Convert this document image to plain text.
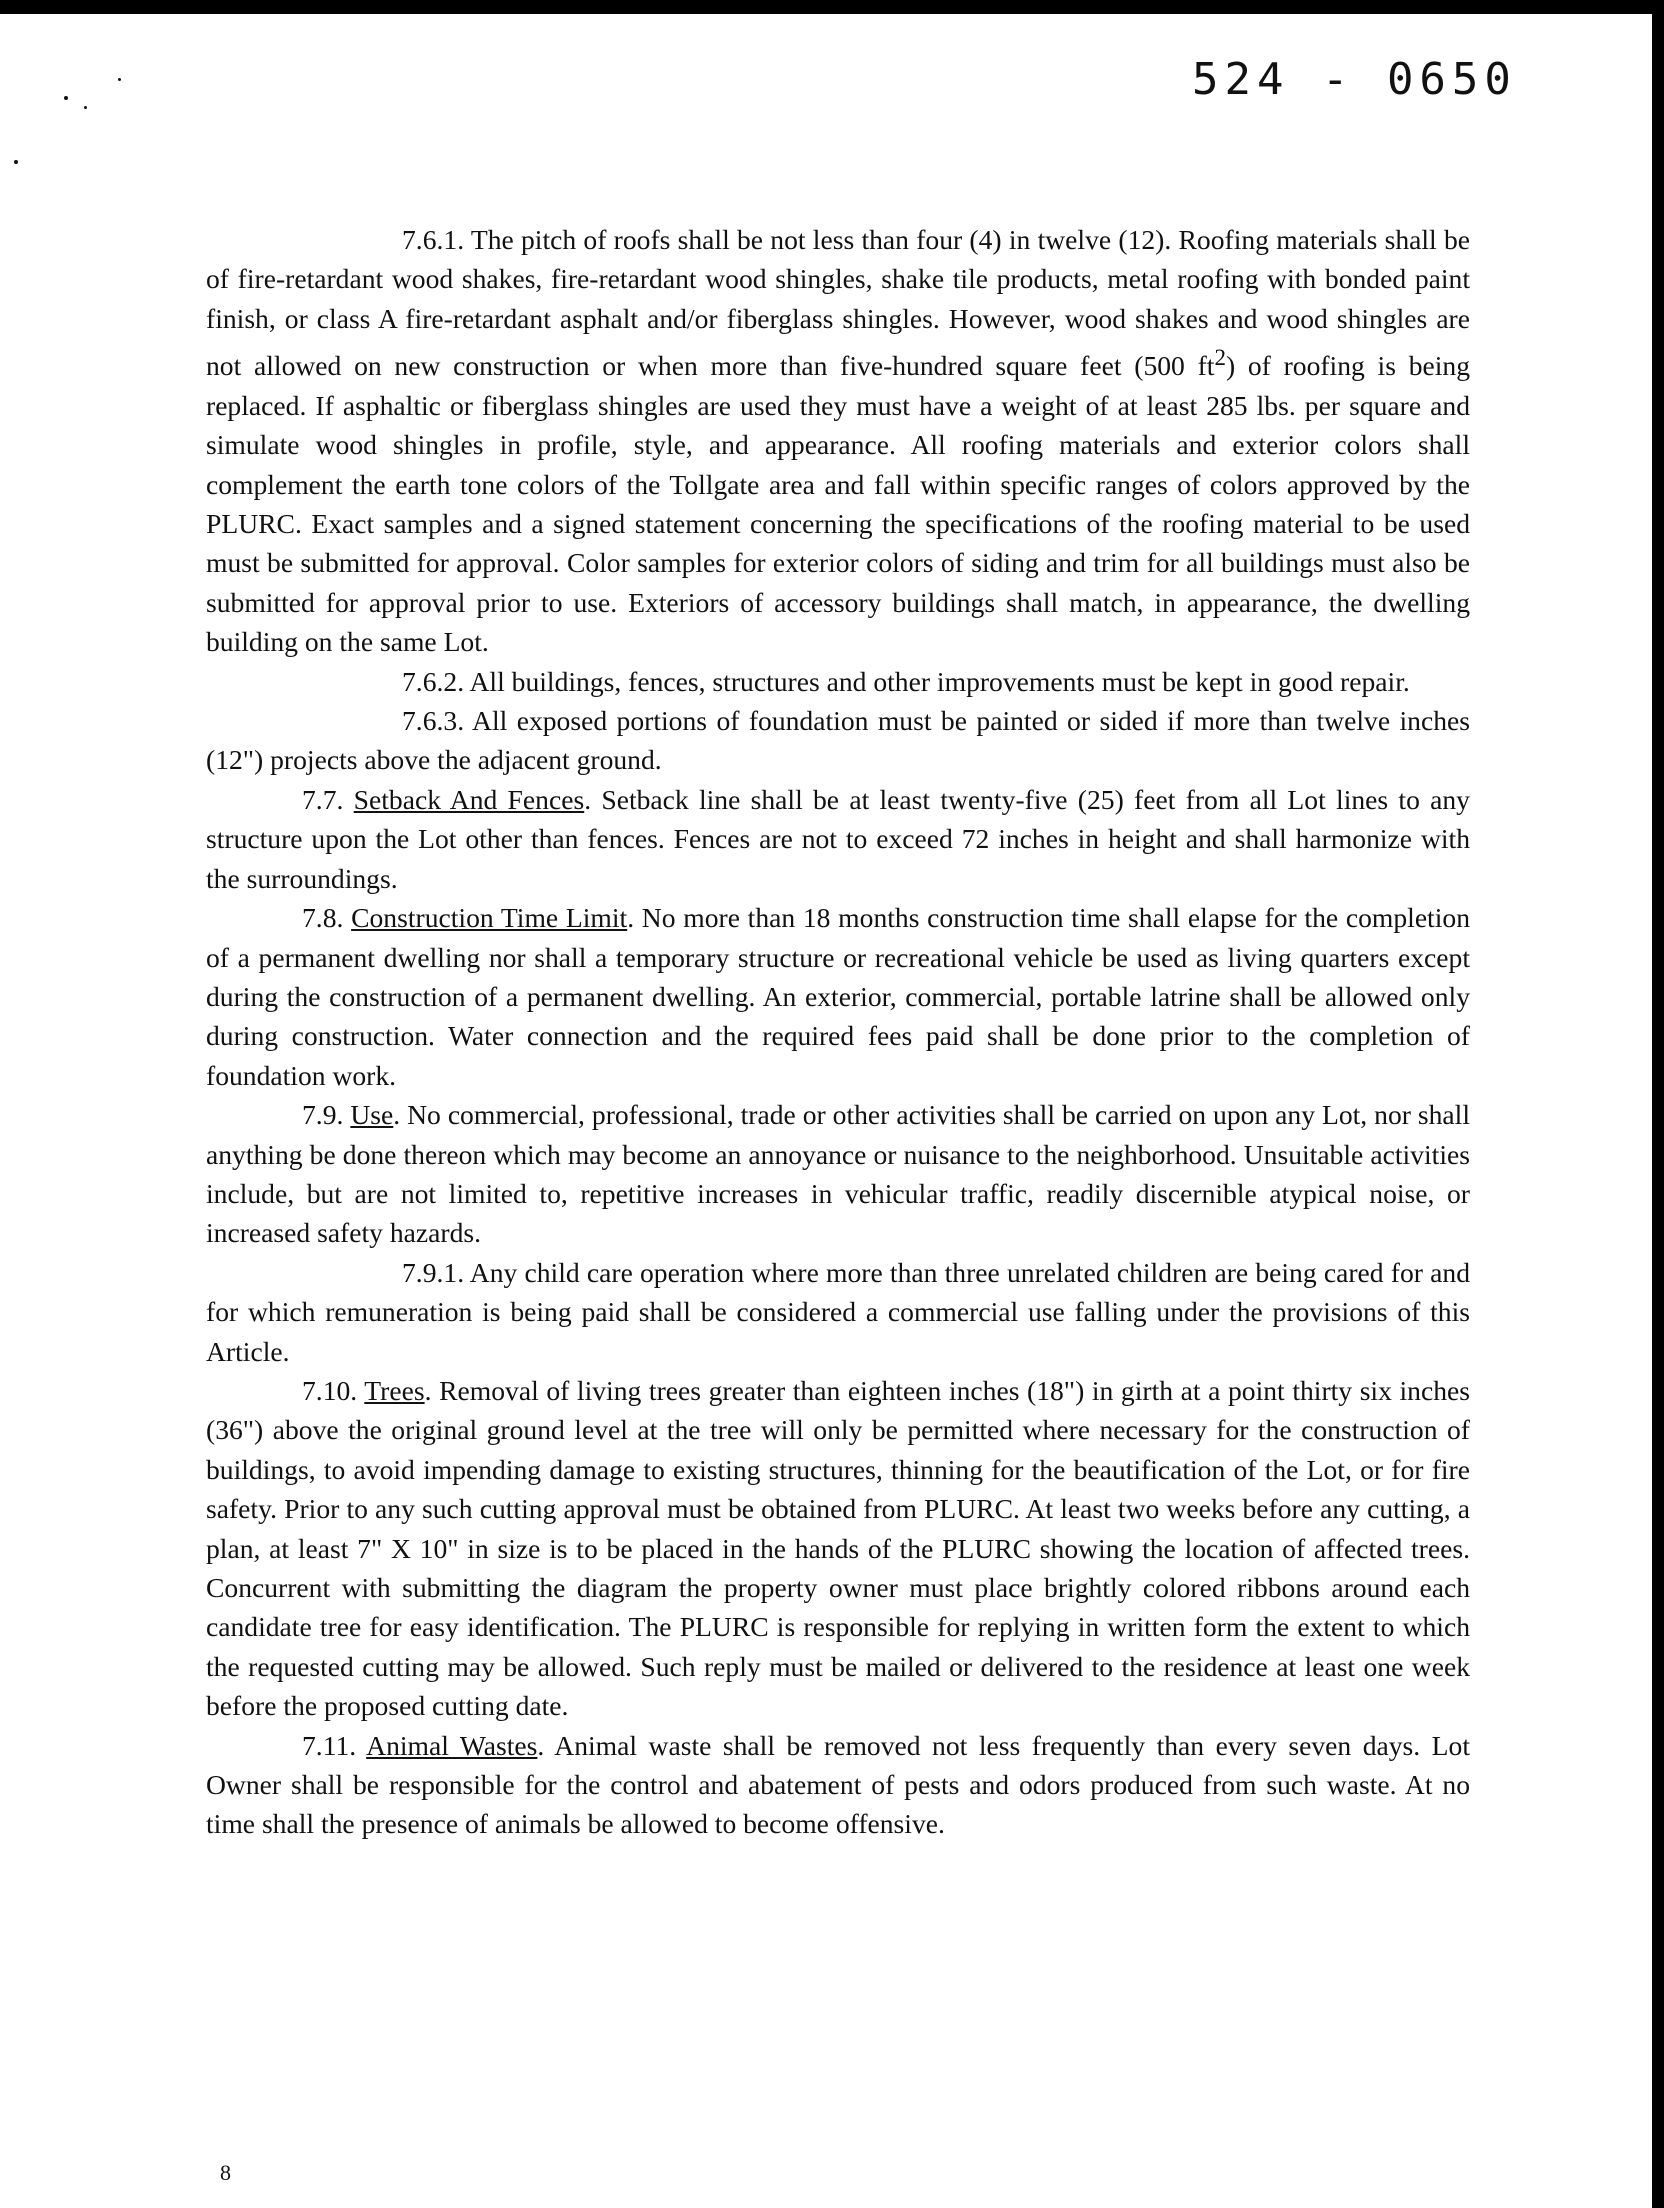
524 - 0650

7.6.1. The pitch of roofs shall be not less than four (4) in twelve (12). Roofing materials shall be of fire-retardant wood shakes, fire-retardant wood shingles, shake tile products, metal roofing with bonded paint finish, or class A fire-retardant asphalt and/or fiberglass shingles. However, wood shakes and wood shingles are not allowed on new construction or when more than five-hundred square feet (500 $ft^2$) of roofing is being replaced. If asphaltic or fiberglass shingles are used they must have a weight of at least 285 lbs. per square and simulate wood shingles in profile, style, and appearance. All roofing materials and exterior colors shall complement the earth tone colors of the Tollgate area and fall within specific ranges of colors approved by the PLURC. Exact samples and a signed statement concerning the specifications of the roofing material to be used must be submitted for approval. Color samples for exterior colors of siding and trim for all buildings must also be submitted for approval prior to use. Exteriors of accessory buildings shall match, in appearance, the dwelling building on the same Lot.

7.6.2. All buildings, fences, structures and other improvements must be kept in good repair.

7.6.3. All exposed portions of foundation must be painted or sided if more than twelve inches (12") projects above the adjacent ground.

7.7. Setback And Fences. Setback line shall be at least twenty-five (25) feet from all Lot lines to any structure upon the Lot other than fences. Fences are not to exceed 72 inches in height and shall harmonize with the surroundings.

7.8. Construction Time Limit. No more than 18 months construction time shall elapse for the completion of a permanent dwelling nor shall a temporary structure or recreational vehicle be used as living quarters except during the construction of a permanent dwelling. An exterior, commercial, portable latrine shall be allowed only during construction. Water connection and the required fees paid shall be done prior to the completion of foundation work.

7.9. Use. No commercial, professional, trade or other activities shall be carried on upon any Lot, nor shall anything be done thereon which may become an annoyance or nuisance to the neighborhood. Unsuitable activities include, but are not limited to, repetitive increases in vehicular traffic, readily discernible atypical noise, or increased safety hazards.

7.9.1. Any child care operation where more than three unrelated children are being cared for and for which remuneration is being paid shall be considered a commercial use falling under the provisions of this Article.

7.10. Trees. Removal of living trees greater than eighteen inches (18") in girth at a point thirty six inches (36") above the original ground level at the tree will only be permitted where necessary for the construction of buildings, to avoid impending damage to existing structures, thinning for the beautification of the Lot, or for fire safety. Prior to any such cutting approval must be obtained from PLURC. At least two weeks before any cutting, a plan, at least 7" X 10" in size is to be placed in the hands of the PLURC showing the location of affected trees. Concurrent with submitting the diagram the property owner must place brightly colored ribbons around each candidate tree for easy identification. The PLURC is responsible for replying in written form the extent to which the requested cutting may be allowed. Such reply must be mailed or delivered to the residence at least one week before the proposed cutting date.

7.11. Animal Wastes. Animal waste shall be removed not less frequently than every seven days. Lot Owner shall be responsible for the control and abatement of pests and odors produced from such waste. At no time shall the presence of animals be allowed to become offensive.

8
